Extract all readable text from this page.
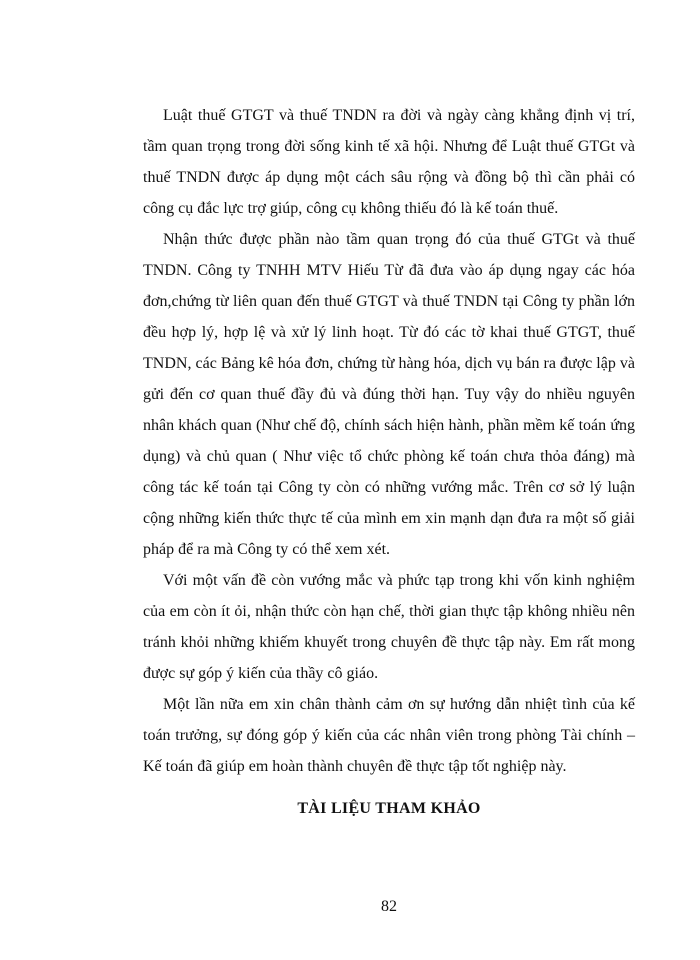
Luật thuế GTGT và thuế TNDN ra đời và ngày càng khẳng định vị trí, tầm quan trọng trong đời sống kinh tế xã hội. Nhưng để Luật thuế GTGt và thuế TNDN được áp dụng một cách sâu rộng và đồng bộ thì cần phải có công cụ đắc lực trợ giúp, công cụ không thiếu đó là kế toán thuế.

Nhận thức được phần nào tầm quan trọng đó của thuế GTGt và thuế TNDN. Công ty TNHH MTV Hiếu Từ đã đưa vào áp dụng ngay các hóa đơn,chứng từ liên quan đến thuế GTGT và thuế TNDN tại Công ty phần lớn đều hợp lý, hợp lệ và xử lý linh hoạt. Từ đó các tờ khai thuế GTGT, thuế TNDN, các Bảng kê hóa đơn, chứng từ hàng hóa, dịch vụ bán ra được lập và gửi đến cơ quan thuế đầy đủ và đúng thời hạn. Tuy vậy do nhiều nguyên nhân khách quan (Như chế độ, chính sách hiện hành, phần mềm kế toán ứng dụng) và chủ quan ( Như việc tổ chức phòng kế toán chưa thỏa đáng) mà công tác kế toán tại Công ty còn có những vướng mắc. Trên cơ sở lý luận cộng những kiến thức thực tế của mình em xin mạnh dạn đưa ra một số giải pháp để ra mà Công ty có thể xem xét.

Với một vấn đề còn vướng mắc và phức tạp trong khi vốn kinh nghiệm của em còn ít ỏi, nhận thức còn hạn chế, thời gian thực tập không nhiều nên tránh khỏi những khiếm khuyết trong chuyên đề thực tập này. Em rất mong được sự góp ý kiến của thầy cô giáo.

Một lần nữa em xin chân thành cảm ơn sự hướng dẫn nhiệt tình của kế toán trưởng, sự đóng góp ý kiến của các nhân viên trong phòng Tài chính – Kế toán đã giúp em hoàn thành chuyên đề thực tập tốt nghiệp này.

TÀI LIỆU THAM KHẢO
82
